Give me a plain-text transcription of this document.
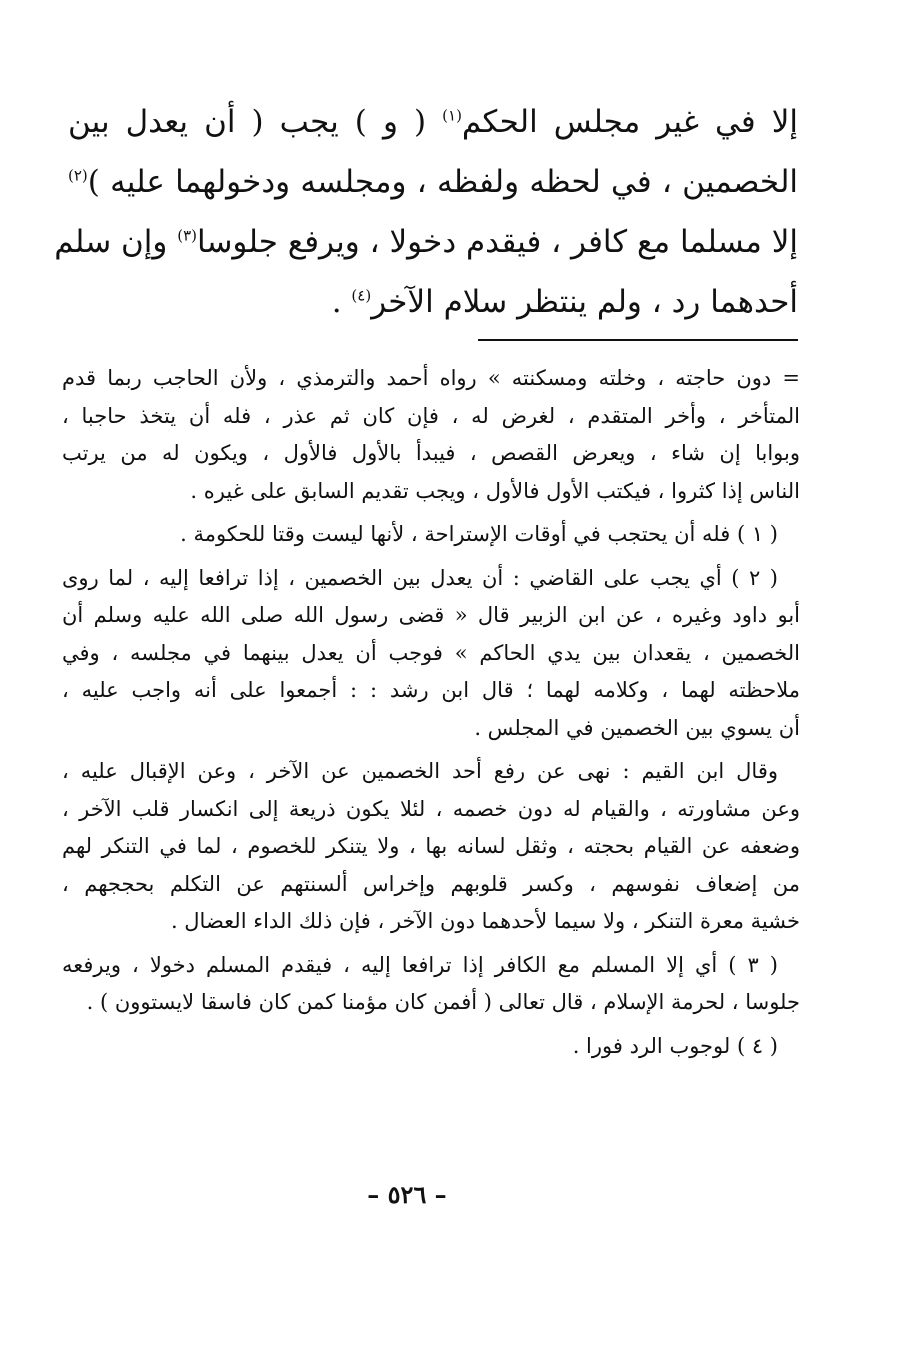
إلا في غير مجلس الحكم$^{(١)}$ ( و ) يجب ( أن يعدل بين
الخصمين ، في لحظه ولفظه ، ومجلسه ودخولهما عليه )$^{(٢)}$
إلا مسلما مع كافر ، فيقدم دخولا ، ويرفع جلوسا$^{(٣)}$ وإن سلم
أحدهما رد ، ولم ينتظر سلام الآخر$^{(٤)}$ .

= دون حاجته ، وخلته ومسكنته » رواه أحمد والترمذي ، ولأن الحاجب ربما قدم
المتأخر ، وأخر المتقدم ، لغرض له ، فإن كان ثم عذر ، فله أن يتخذ حاجبا ،
وبوابا إن شاء ، ويعرض القصص ، فيبدأ بالأول فالأول ، ويكون له من يرتب
الناس إذا كثروا ، فيكتب الأول فالأول ، ويجب تقديم السابق على غيره .
( ١ ) فله أن يحتجب في أوقات الإستراحة ، لأنها ليست وقتا للحكومة .
( ٢ ) أي يجب على القاضي : أن يعدل بين الخصمين ، إذا ترافعا إليه ، لما روى
أبو داود وغيره ، عن ابن الزبير قال « قضى رسول الله صلى الله عليه وسلم أن
الخصمين ، يقعدان بين يدي الحاكم » فوجب أن يعدل بينهما في مجلسه ، وفي
ملاحظته لهما ، وكلامه لهما ؛ قال ابن رشد : : أجمعوا على أنه واجب عليه ،
أن يسوي بين الخصمين في المجلس .
وقال ابن القيم : نهى عن رفع أحد الخصمين عن الآخر ، وعن الإقبال عليه ،
وعن مشاورته ، والقيام له دون خصمه ، لئلا يكون ذريعة إلى انكسار قلب الآخر ،
وضعفه عن القيام بحجته ، وثقل لسانه بها ، ولا يتنكر للخصوم ، لما في التنكر لهم
من إضعاف نفوسهم ، وكسر قلوبهم وإخراس ألسنتهم عن التكلم بحججهم ،
خشية معرة التنكر ، ولا سيما لأحدهما دون الآخر ، فإن ذلك الداء العضال .
( ٣ ) أي إلا المسلم مع الكافر إذا ترافعا إليه ، فيقدم المسلم دخولا ، ويرفعه
جلوسا ، لحرمة الإسلام ، قال تعالى ( أفمن كان مؤمنا كمن كان فاسقا لايستوون ) .
( ٤ ) لوجوب الرد فورا .
– ٥٢٦ –
